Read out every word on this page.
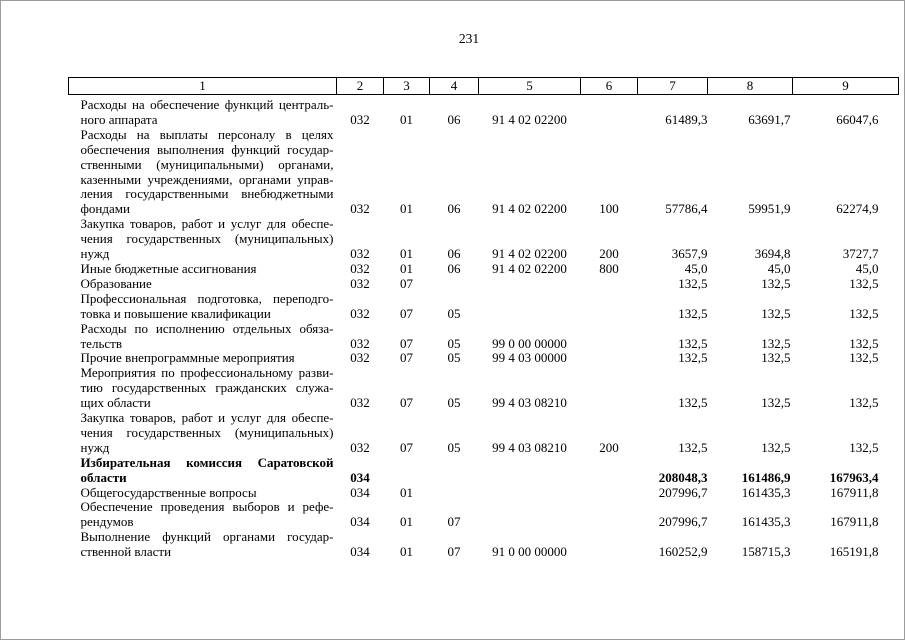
231
1	2	3	4	5	6	7	8	9

Расходы на обеспечение функций централь-
ного аппарата	032	01	06	91 4 02 02200		61489,3	63691,7	66047,6

Расходы на выплаты персоналу в целях
обеспечения выполнения функций государ-
ственными (муниципальными) органами,
казенными учреждениями, органами управ-
ления государственными внебюджетными
фондами	032	01	06	91 4 02 02200	100	57786,4	59951,9	62274,9

Закупка товаров, работ и услуг для обеспе-
чения государственных (муниципальных)
нужд	032	01	06	91 4 02 02200	200	3657,9	3694,8	3727,7

Иные бюджетные ассигнования	032	01	06	91 4 02 02200	800	45,0	45,0	45,0

Образование	032	07				132,5	132,5	132,5

Профессиональная подготовка, переподго-
товка и повышение квалификации	032	07	05			132,5	132,5	132,5

Расходы по исполнению отдельных обяза-
тельств	032	07	05	99 0 00 00000		132,5	132,5	132,5

Прочие внепрограммные мероприятия	032	07	05	99 4 03 00000		132,5	132,5	132,5

Мероприятия по профессиональному разви-
тию государственных гражданских служа-
щих области	032	07	05	99 4 03 08210		132,5	132,5	132,5

Закупка товаров, работ и услуг для обеспе-
чения государственных (муниципальных)
нужд	032	07	05	99 4 03 08210	200	132,5	132,5	132,5

Избирательная комиссия Саратовской
области	034					208048,3	161486,9	167963,4

Общегосударственные вопросы	034	01				207996,7	161435,3	167911,8

Обеспечение проведения выборов и рефе-
рендумов	034	01	07			207996,7	161435,3	167911,8

Выполнение функций органами государ-
ственной власти	034	01	07	91 0 00 00000		160252,9	158715,3	165191,8
